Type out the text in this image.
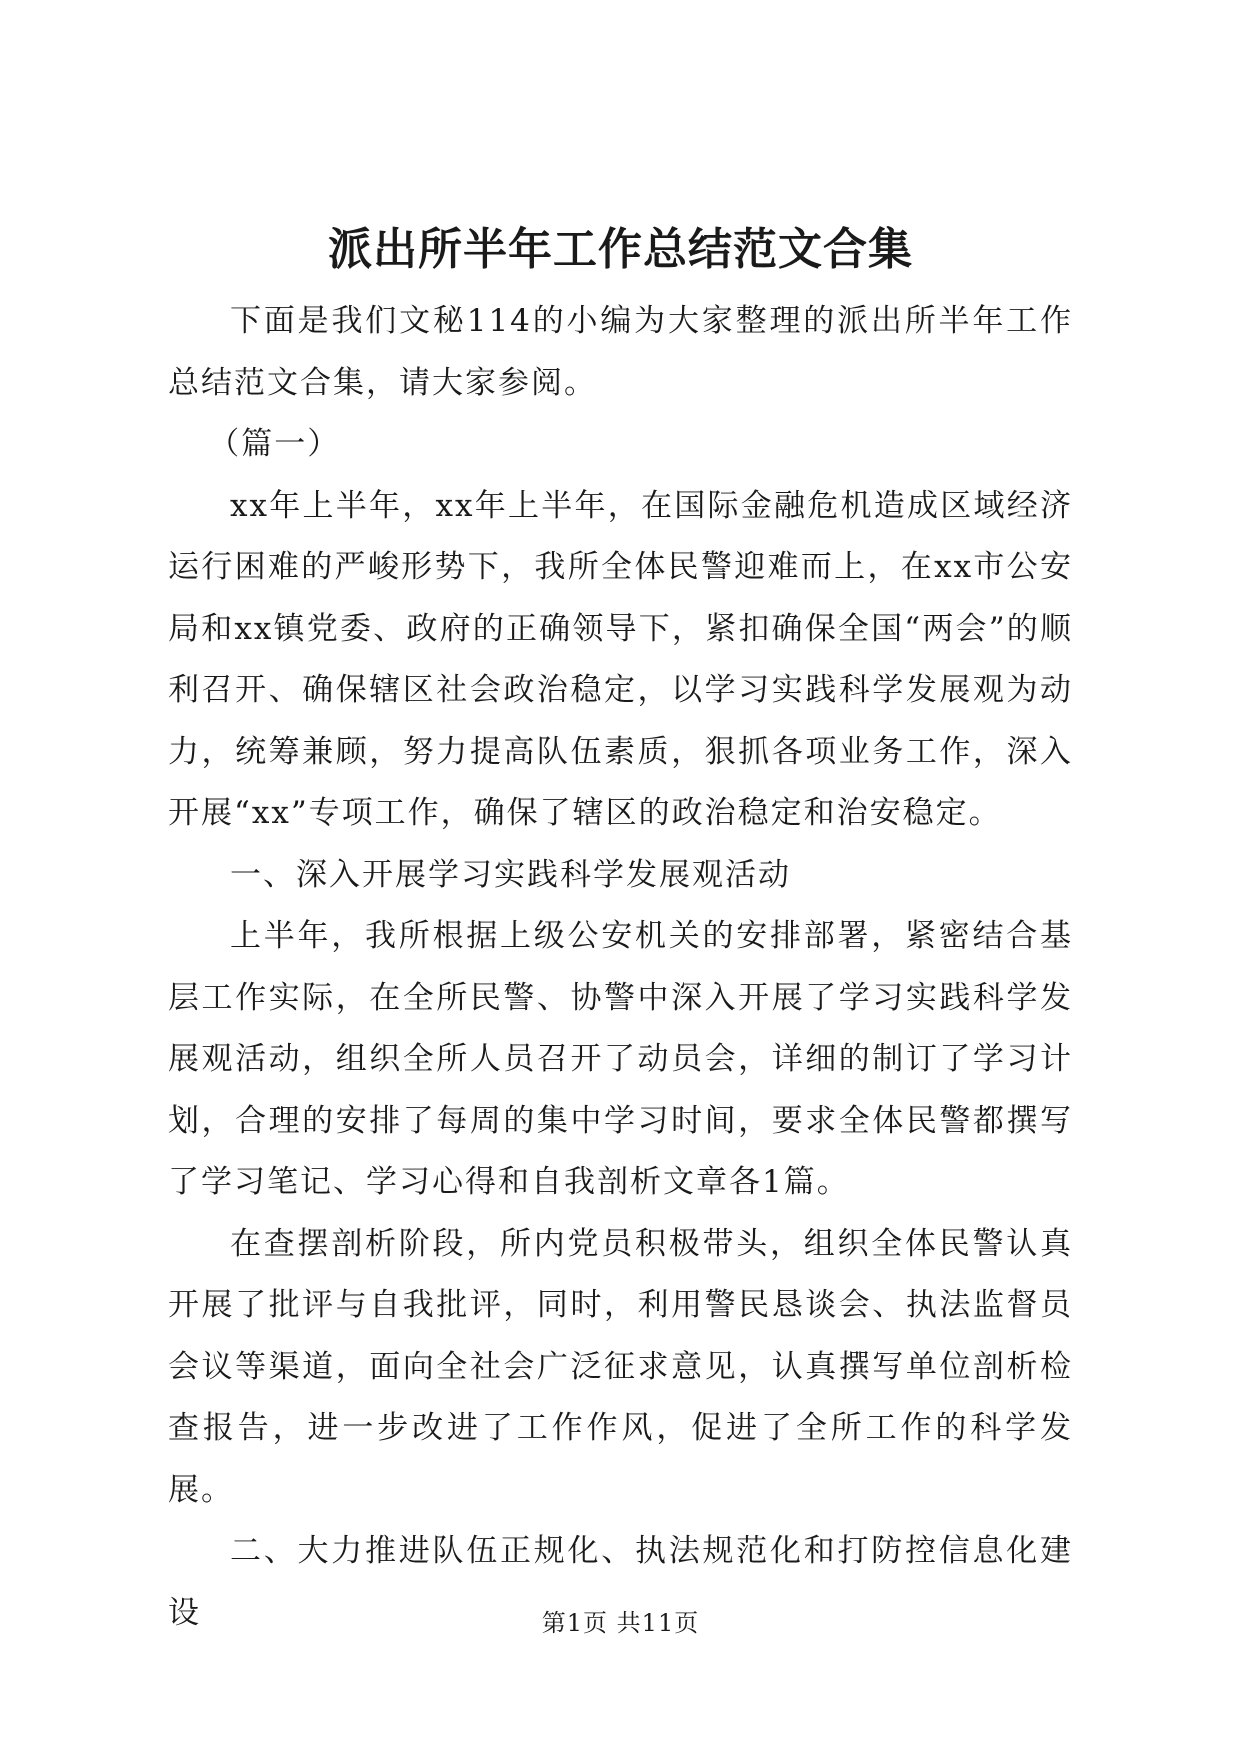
派出所半年工作总结范文合集

下面是我们文秘114的小编为大家整理的派出所半年工作总结范文合集，请大家参阅。

（篇一）

xx年上半年，xx年上半年，在国际金融危机造成区域经济运行困难的严峻形势下，我所全体民警迎难而上，在xx市公安局和xx镇党委、政府的正确领导下，紧扣确保全国“两会”的顺利召开、确保辖区社会政治稳定，以学习实践科学发展观为动力，统筹兼顾，努力提高队伍素质，狠抓各项业务工作，深入开展“xx”专项工作，确保了辖区的政治稳定和治安稳定。

一、深入开展学习实践科学发展观活动

上半年，我所根据上级公安机关的安排部署，紧密结合基层工作实际，在全所民警、协警中深入开展了学习实践科学发展观活动，组织全所人员召开了动员会，详细的制订了学习计划，合理的安排了每周的集中学习时间，要求全体民警都撰写了学习笔记、学习心得和自我剖析文章各1篇。

在查摆剖析阶段，所内党员积极带头，组织全体民警认真开展了批评与自我批评，同时，利用警民恳谈会、执法监督员会议等渠道，面向全社会广泛征求意见，认真撰写单位剖析检查报告，进一步改进了工作作风，促进了全所工作的科学发展。

二、大力推进队伍正规化、执法规范化和打防控信息化建设	第1页 共11页
